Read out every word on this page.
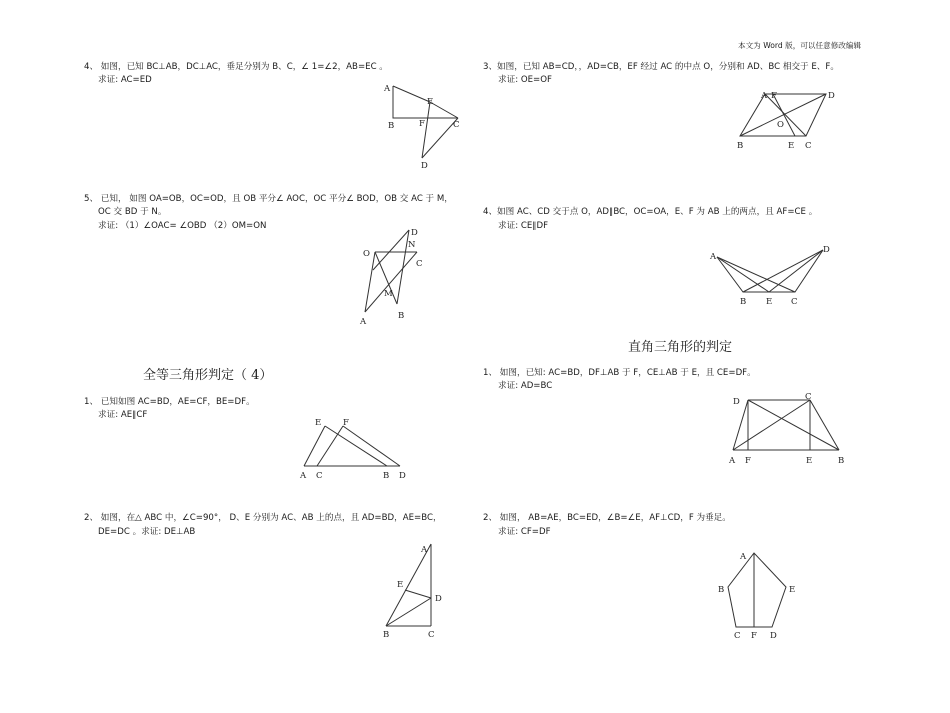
本文为 Word 版，可以任意修改编辑
4、 如图，已知 BC⊥AB，DC⊥AC，垂足分别为 B、C，∠ 1=∠2，AB=EC 。
求证: AC=ED
A
B
E
F	C
D
5、 已知， 如图 OA=OB，OC=OD，且 OB 平分∠ AOC，OC 平分∠ BOD，OB 交 AC 于 M，
OC 交 BD 于 N。
求证: （1）∠OAC= ∠OBD （2）OM=ON
O
D
N
C
M
A
B
全等三角形判定（ 4）
1、 已知如图 AC=BD，AE=CF，BE=DF。
求证: AE∥CF
E	F
A C	B D
2、 如图，在△ ABC 中，∠C=90°， D、E 分别为 AC、AB 上的点，且 AD=BD，AE=BC，
DE=DC 。求证: DE⊥AB
A
E
D
B	C
3、如图，已知 AB=CD，，AD=CB，EF 经过 AC 的中点 O，分别和 AD、BC 相交于 E、F。
求证: OE=OF
A F	D
O
B	E C
4、如图 AC、CD 交于点 O，AD∥BC，OC=OA，E、F 为 AB 上的两点，且 AF=CE 。
求证: CE∥DF
A
D
B E C
直角三角形的判定
1、 如图，已知: AC=BD，DF⊥AB 于 F，CE⊥AB 于 E，且 CE=DF。
求证: AD=BC
D	C
A F	E	B
2、 如图， AB=AE，BC=ED，∠B=∠E，AF⊥CD，F 为垂足。
求证: CF=DF
A
B	E
C F D
